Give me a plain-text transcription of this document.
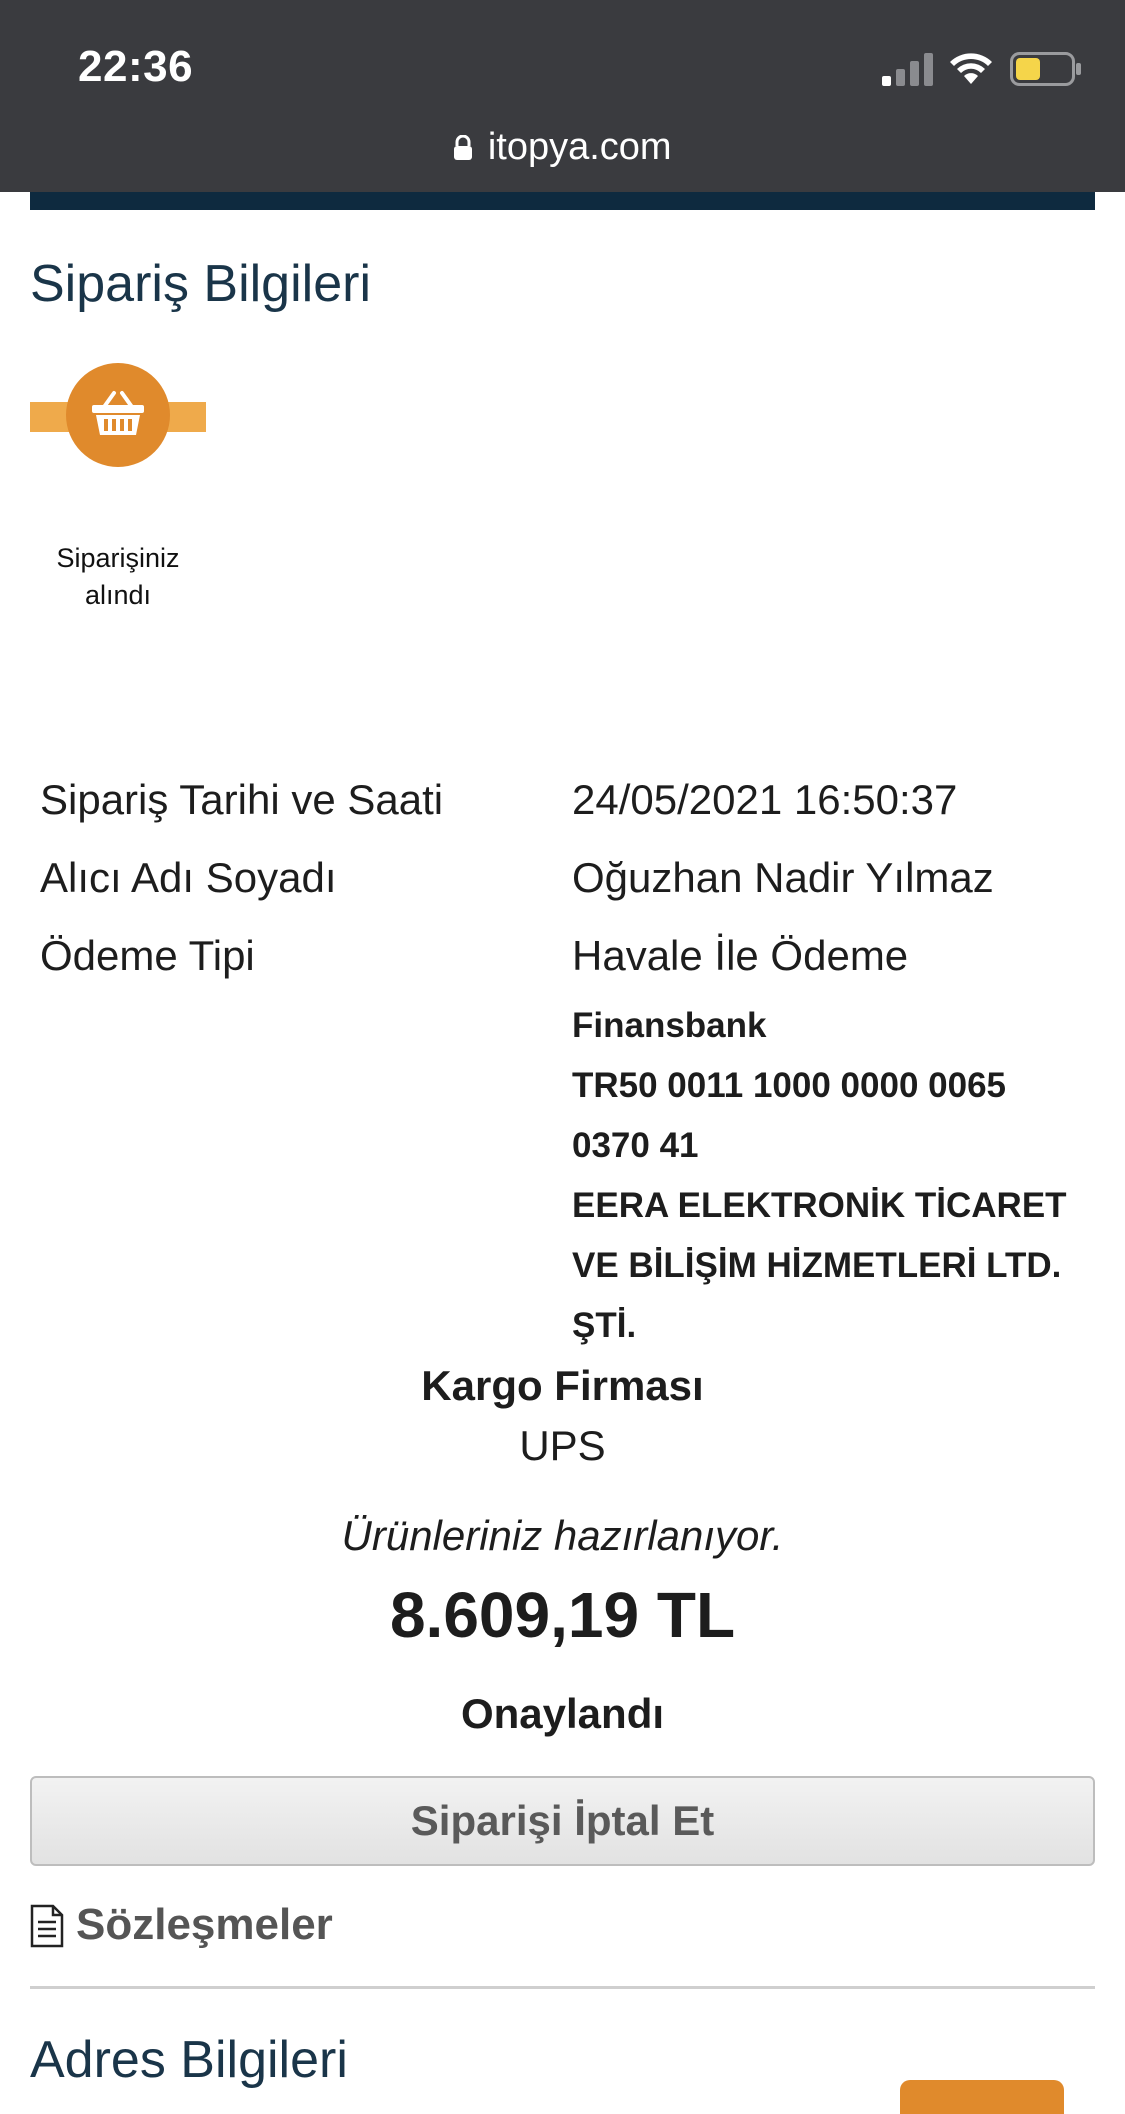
22:36
itopya.com
Sipariş Bilgileri
Siparişiniz alındı
Sipariş Tarihi ve Saati	24/05/2021 16:50:37
Alıcı Adı Soyadı	Oğuzhan Nadir Yılmaz
Ödeme Tipi	Havale İle Ödeme
Finansbank
TR50 0011 1000 0000 0065 0370 41
EERA ELEKTRONİK TİCARET VE BİLİŞİM HİZMETLERİ LTD. ŞTİ.
Kargo Firması
UPS
Ürünleriniz hazırlanıyor.
8.609,19 TL
Onaylandı
Siparişi İptal Et
Sözleşmeler
Adres Bilgileri
